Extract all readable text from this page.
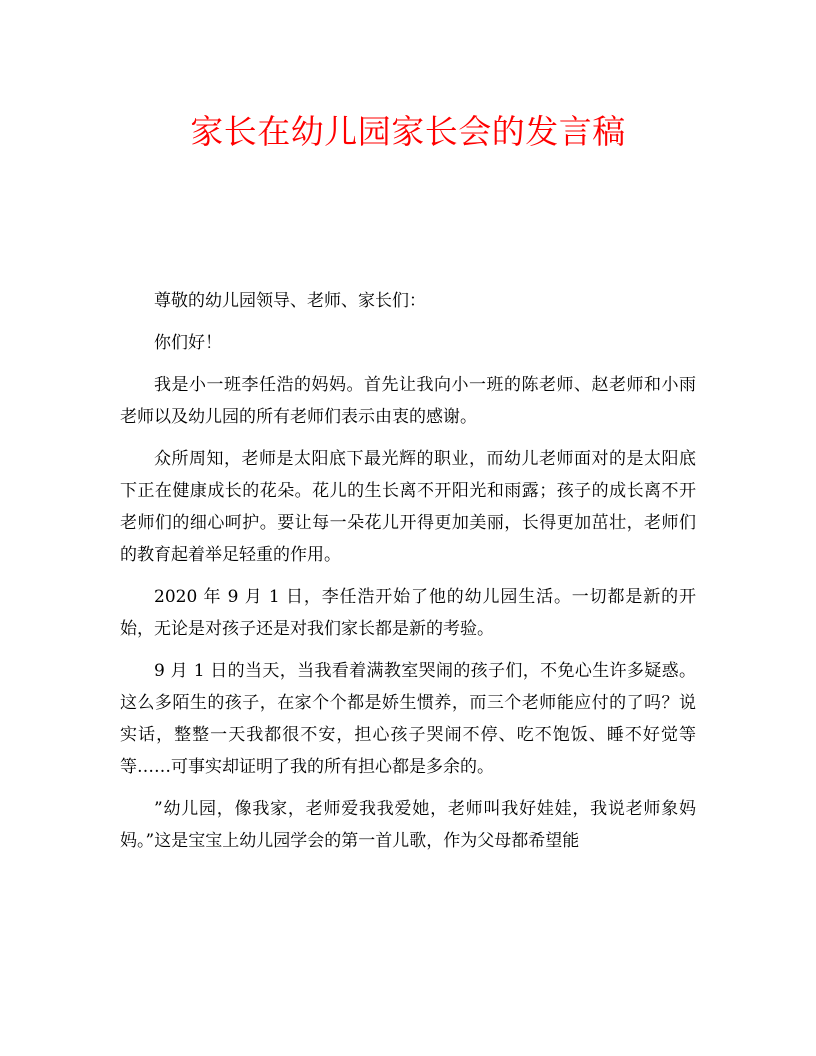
家长在幼儿园家长会的发言稿

尊敬的幼儿园领导、老师、家长们：

你们好！

我是小一班李任浩的妈妈。首先让我向小一班的陈老师、赵老师和小雨老师以及幼儿园的所有老师们表示由衷的感谢。

众所周知，老师是太阳底下最光辉的职业，而幼儿老师面对的是太阳底下正在健康成长的花朵。花儿的生长离不开阳光和雨露；孩子的成长离不开老师们的细心呵护。要让每一朵花儿开得更加美丽，长得更加茁壮，老师们的教育起着举足轻重的作用。

2020 年 9 月 1 日，李任浩开始了他的幼儿园生活。一切都是新的开始，无论是对孩子还是对我们家长都是新的考验。

9 月 1 日的当天，当我看着满教室哭闹的孩子们，不免心生许多疑惑。这么多陌生的孩子，在家个个都是娇生惯养，而三个老师能应付的了吗？说实话，整整一天我都很不安，担心孩子哭闹不停、吃不饱饭、睡不好觉等等……可事实却证明了我的所有担心都是多余的。

”幼儿园，像我家，老师爱我我爱她，老师叫我好娃娃，我说老师象妈妈。”这是宝宝上幼儿园学会的第一首儿歌，作为父母都希望能
